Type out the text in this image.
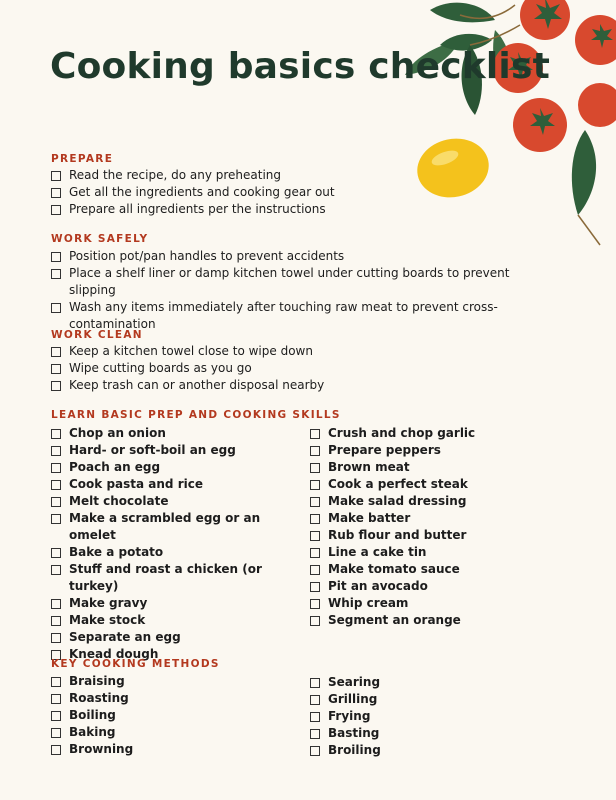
Cooking basics checklist
PREPARE
Read the recipe, do any preheating
Get all the ingredients and cooking gear out
Prepare all ingredients per the instructions
WORK SAFELY
Position pot/pan handles to prevent accidents
Place a shelf liner or damp kitchen towel under cutting boards to prevent slipping
Wash any items immediately after touching raw meat to prevent cross-contamination
WORK CLEAN
Keep a kitchen towel close to wipe down
Wipe cutting boards as you go
Keep trash can or another disposal nearby
LEARN BASIC PREP AND COOKING SKILLS
Chop an onion
Hard- or soft-boil an egg
Poach an egg
Cook pasta and rice
Melt chocolate
Make a scrambled egg or an omelet
Bake a potato
Stuff and roast a chicken (or turkey)
Make gravy
Make stock
Separate an egg
Knead dough
Crush and chop garlic
Prepare peppers
Brown meat
Cook a perfect steak
Make salad dressing
Make batter
Rub flour and butter
Line a cake tin
Make tomato sauce
Pit an avocado
Whip cream
Segment an orange
KEY COOKING METHODS
Braising
Roasting
Boiling
Baking
Browning
Searing
Grilling
Frying
Basting
Broiling
